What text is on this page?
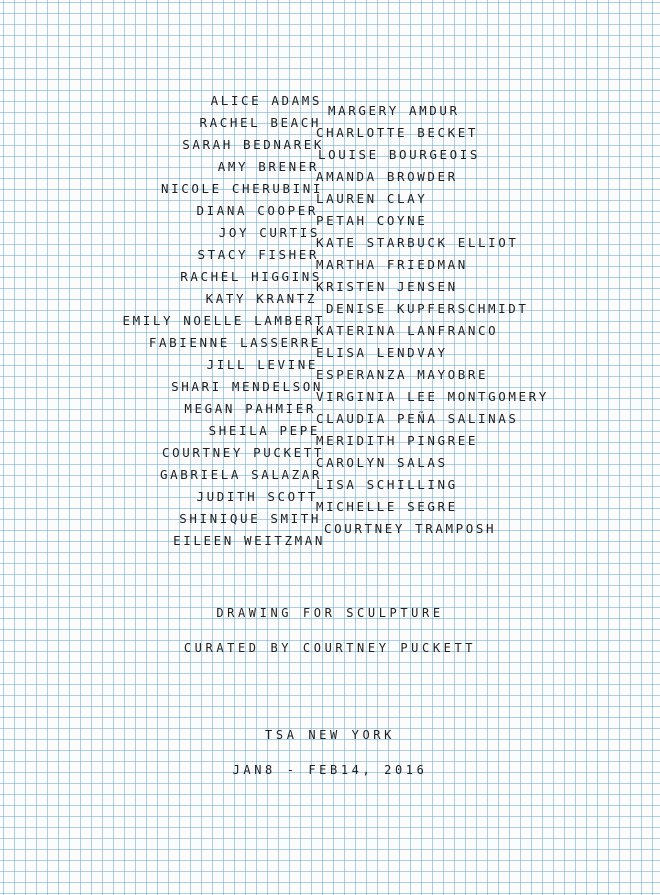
ALICE ADAMS
RACHEL BEACH
SARAH BEDNAREK
AMY BRENER
NICOLE CHERUBINI
DIANA COOPER
JOY CURTIS
STACY FISHER
RACHEL HIGGINS
KATY KRANTZ
EMILY NOELLE LAMBERT
FABIENNE LASSERRE
JILL LEVINE
SHARI MENDELSON
MEGAN PAHMIER
SHEILA PEPE
COURTNEY PUCKETT
GABRIELA SALAZAR
JUDITH SCOTT
SHINIQUE SMITH
EILEEN WEITZMAN
MARGERY AMDUR
CHARLOTTE BECKET
LOUISE BOURGEOIS
AMANDA BROWDER
LAUREN CLAY
PETAH COYNE
KATE STARBUCK ELLIOT
MARTHA FRIEDMAN
KRISTEN JENSEN
DENISE KUPFERSCHMIDT
KATERINA LANFRANCO
ELISA LENDVAY
ESPERANZA MAYOBRE
VIRGINIA LEE MONTGOMERY
CLAUDIA PEÑA SALINAS
MERIDITH PINGREE
CAROLYN SALAS
LISA SCHILLING
MICHELLE SEGRE
COURTNEY TRAMPOSH
DRAWING FOR SCULPTURE
CURATED BY COURTNEY PUCKETT
TSA NEW YORK
JAN8 - FEB14, 2016
